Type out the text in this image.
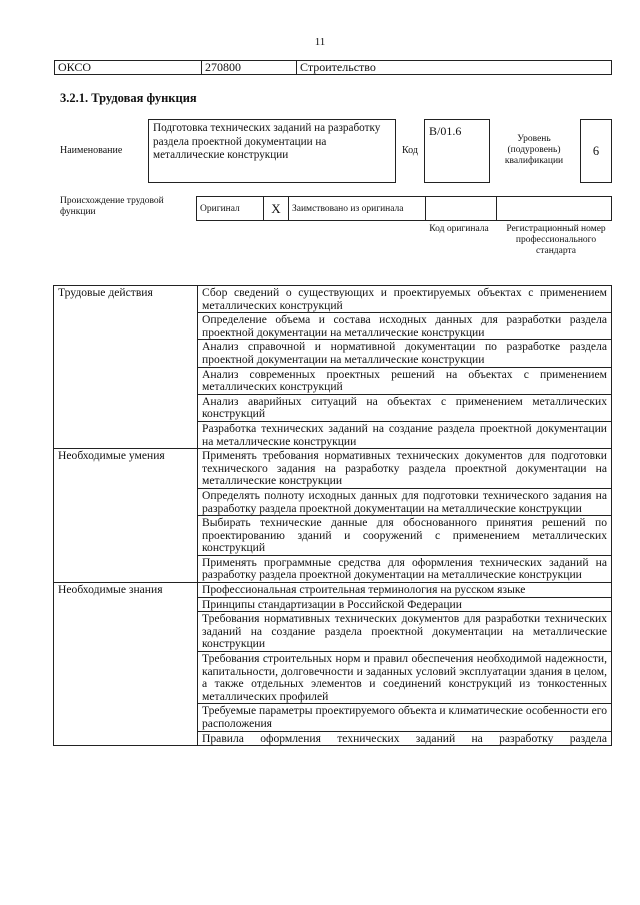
11
ОКСО	270800	Строительство
3.2.1. Трудовая функция
Наименование
Подготовка технических заданий на разработку раздела проектной документации на металлические конструкции	Код
B/01.6
Уровень (подуровень) квалификации
6
Происхождение трудовой функции	Оригинал	X	Заимствовано из оригинала		
Код оригинала	Регистрационный номер профессионального стандарта
Трудовые действия	Сбор сведений о существующих и проектируемых объектах с применением металлических конструкций
	Определение объема и состава исходных данных для разработки раздела проектной документации на металлические конструкции
	Анализ справочной и нормативной документации по разработке раздела проектной документации на металлические конструкции
	Анализ современных проектных решений на объектах с применением металлических конструкций
	Анализ аварийных ситуаций на объектах с применением металлических конструкций
	Разработка технических заданий на создание раздела проектной документации на металлические конструкции
Необходимые умения	Применять требования нормативных технических документов для подготовки технического задания на разработку раздела проектной документации на металлические конструкции
	Определять полноту исходных данных для подготовки технического задания на разработку раздела проектной документации на металлические конструкции
	Выбирать технические данные для обоснованного принятия решений по проектированию зданий и сооружений с применением металлических конструкций
	Применять программные средства для оформления технических заданий на разработку раздела проектной документации на металлические конструкции
Необходимые знания	Профессиональная строительная терминология на русском языке
	Принципы стандартизации в Российской Федерации
	Требования нормативных технических документов для разработки технических заданий на создание раздела проектной документации на металлические конструкции
	Требования строительных норм и правил обеспечения необходимой надежности, капитальности, долговечности и заданных условий эксплуатации здания в целом, а также отдельных элементов и соединений конструкций из тонкостенных металлических профилей
	Требуемые параметры проектируемого объекта и климатические особенности его расположения
	Правила оформления технических заданий на разработку раздела
